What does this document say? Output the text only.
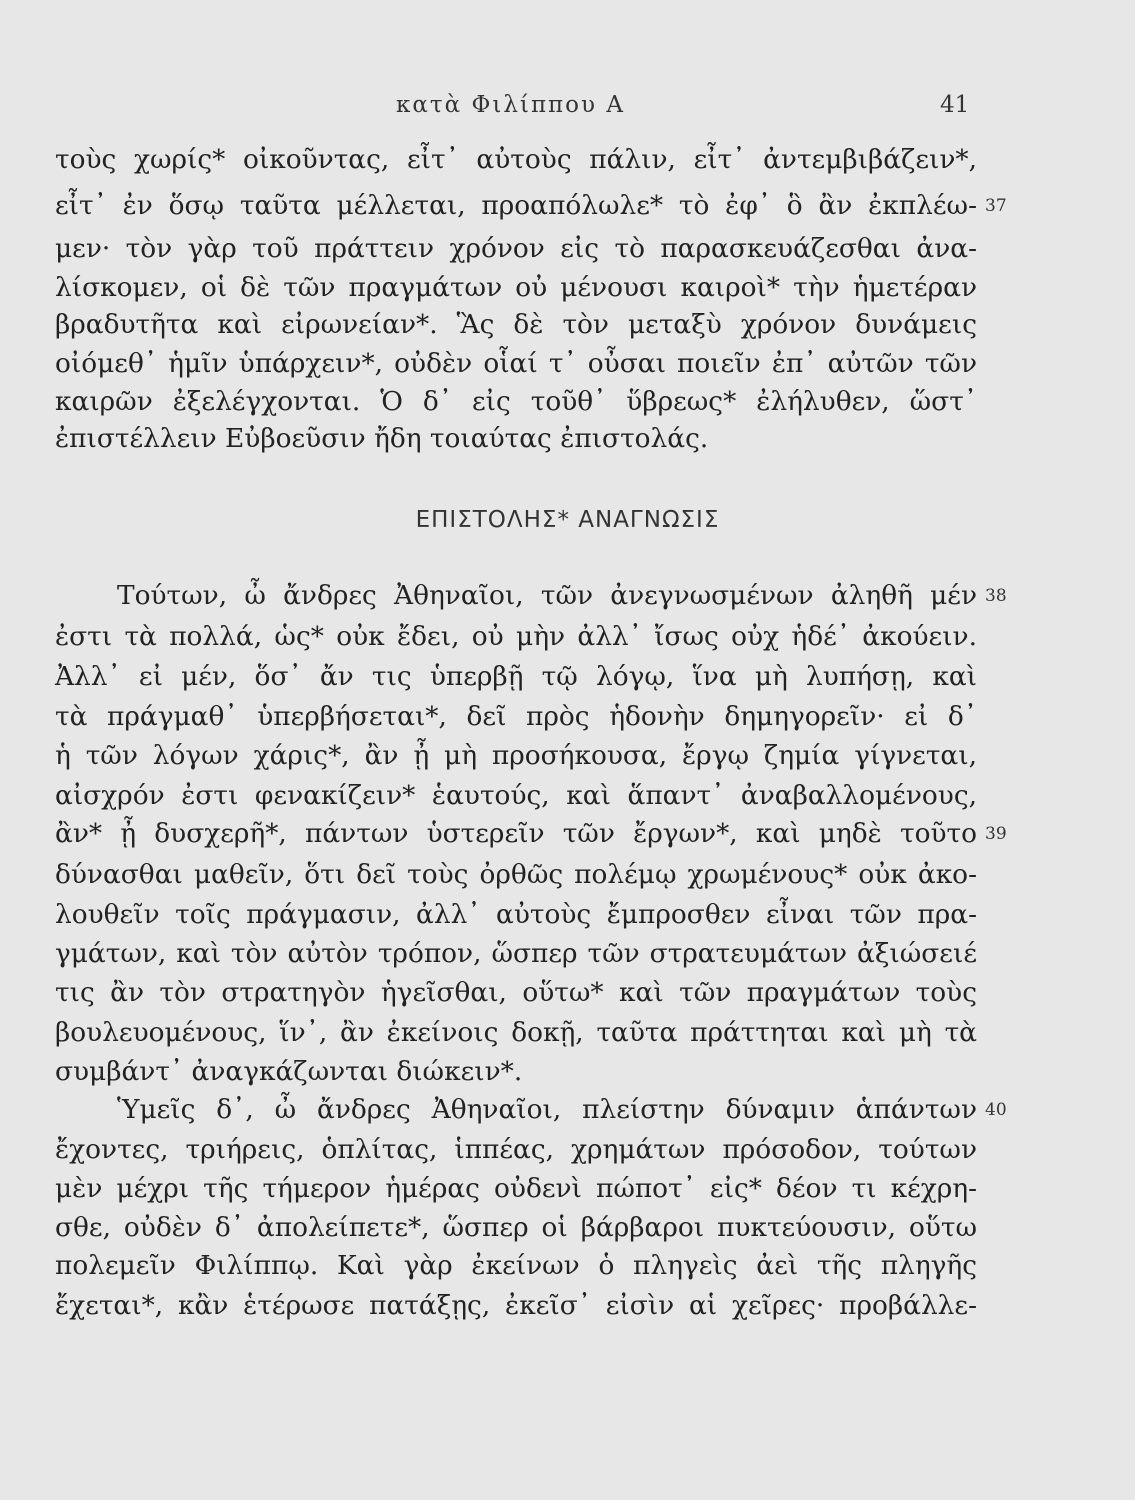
κατὰ Φιλίππου Α	41
τοὺς χωρίς* οἰκοῦντας, εἶτ᾽ αὐτοὺς πάλιν, εἶτ᾽ ἀντεμβιβάζειν*,
εἶτ᾽ ἐν ὅσῳ ταῦτα μέλλεται, προαπόλωλε* τὸ ἐφ᾽ ὃ ἂν ἐκπλέω-
μεν· τὸν γὰρ τοῦ πράττειν χρόνον εἰς τὸ παρασκευάζεσθαι ἀνα-
λίσκομεν, οἱ δὲ τῶν πραγμάτων οὐ μένουσι καιροὶ* τὴν ἡμετέραν
βραδυτῆτα καὶ εἰρωνείαν*. Ἃς δὲ τὸν μεταξὺ χρόνον δυνάμεις
οἰόμεθ᾽ ἡμῖν ὑπάρχειν*, οὐδὲν οἷαί τ᾽ οὖσαι ποιεῖν ἐπ᾽ αὐτῶν τῶν
καιρῶν ἐξελέγχονται. Ὁ δ᾽ εἰς τοῦθ᾽ ὕβρεως* ἐλήλυθεν, ὥστ᾽
ἐπιστέλλειν Εὐβοεῦσιν ἤδη τοιαύτας ἐπιστολάς.
37
ΕΠΙΣΤΟΛΗΣ* ΑΝΑΓΝΩΣΙΣ
Τούτων, ὦ ἄνδρες Ἀθηναῖοι, τῶν ἀνεγνωσμένων ἀληθῆ μέν
ἐστι τὰ πολλά, ὡς* οὐκ ἔδει, οὐ μὴν ἀλλ᾽ ἴσως οὐχ ἡδέ᾽ ἀκούειν.
Ἀλλ᾽ εἰ μέν, ὅσ᾽ ἄν τις ὑπερβῇ τῷ λόγῳ, ἵνα μὴ λυπήσῃ, καὶ
τὰ πράγμαθ᾽ ὑπερβήσεται*, δεῖ πρὸς ἡδονὴν δημηγορεῖν· εἰ δ᾽
ἡ τῶν λόγων χάρις*, ἂν ᾖ μὴ προσήκουσα, ἔργῳ ζημία γίγνεται,
αἰσχρόν ἐστι φενακίζειν* ἑαυτούς, καὶ ἅπαντ᾽ ἀναβαλλομένους,
ἂν* ᾖ δυσχερῆ*, πάντων ὑστερεῖν τῶν ἔργων*, καὶ μηδὲ τοῦτο
δύνασθαι μαθεῖν, ὅτι δεῖ τοὺς ὀρθῶς πολέμῳ χρωμένους* οὐκ ἀκο-
λουθεῖν τοῖς πράγμασιν, ἀλλ᾽ αὐτοὺς ἔμπροσθεν εἶναι τῶν πρα-
γμάτων, καὶ τὸν αὐτὸν τρόπον, ὥσπερ τῶν στρατευμάτων ἀξιώσειέ
τις ἂν τὸν στρατηγὸν ἡγεῖσθαι, οὕτω* καὶ τῶν πραγμάτων τοὺς
βουλευομένους, ἵν᾽, ἂν ἐκείνοις δοκῇ, ταῦτα πράττηται καὶ μὴ τὰ
συμβάντ᾽ ἀναγκάζωνται διώκειν*.
38
39
Ὑμεῖς δ᾽, ὦ ἄνδρες Ἀθηναῖοι, πλείστην δύναμιν ἁπάντων
ἔχοντες, τριήρεις, ὁπλίτας, ἱππέας, χρημάτων πρόσοδον, τούτων
μὲν μέχρι τῆς τήμερον ἡμέρας οὐδενὶ πώποτ᾽ εἰς* δέον τι κέχρη-
σθε, οὐδὲν δ᾽ ἀπολείπετε*, ὥσπερ οἱ βάρβαροι πυκτεύουσιν, οὕτω
πολεμεῖν Φιλίππῳ. Καὶ γὰρ ἐκείνων ὁ πληγεὶς ἀεὶ τῆς πληγῆς
ἔχεται*, κἂν ἑτέρωσε πατάξῃς, ἐκεῖσ᾽ εἰσὶν αἱ χεῖρες· προβάλλε-
40
